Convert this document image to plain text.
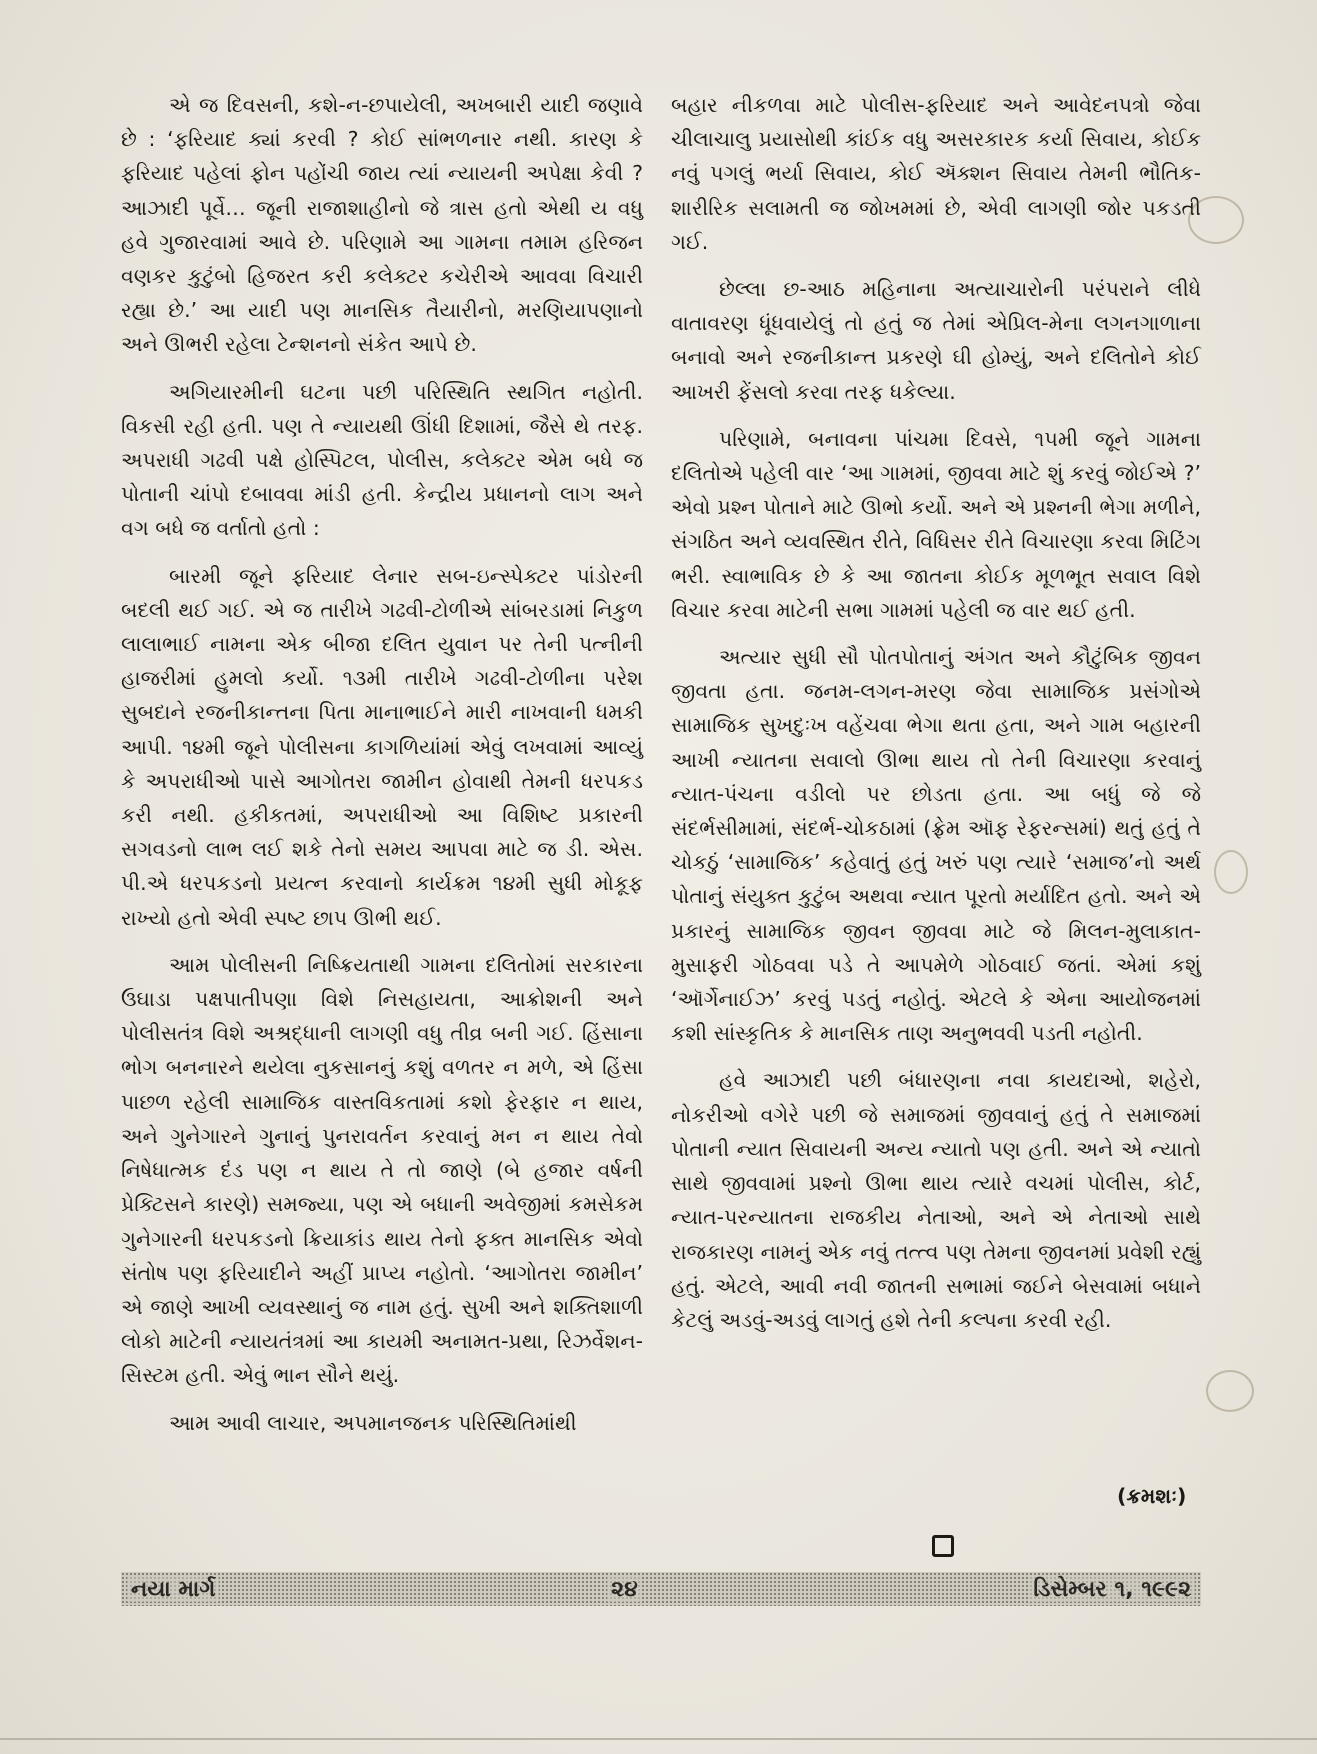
એ જ દિવસની, કશે-ન-છપાયેલી, અખબારી યાદી જણાવે છે : ‘ફરિયાદ ક્યાં કરવી ? કોઈ સાંભળનાર નથી. કારણ કે ફરિયાદ પહેલાં ફોન પહોંચી જાય ત્યાં ન્યાયની અપેક્ષા કેવી ? આઝાદી પૂર્વે… જૂની રાજાશાહીનો જે ત્રાસ હતો એથી ય વધુ હવે ગુજારવામાં આવે છે. પરિણામે આ ગામના તમામ હરિજન વણકર કુટુંબો હિજરત કરી કલેક્ટર કચેરીએ આવવા વિચારી રહ્યા છે.’ આ યાદી પણ માનસિક તૈયારીનો, મરણિયાપણાનો અને ઊભરી રહેલા ટેન્શનનો સંકેત આપે છે.

અગિયારમીની ઘટના પછી પરિસ્થિતિ સ્થગિત નહોતી. વિકસી રહી હતી. પણ તે ન્યાયથી ઊંધી દિશામાં, જૈસે થે તરફ. અપરાધી ગઢવી પક્ષે હોસ્પિટલ, પોલીસ, કલેક્ટર એમ બધે જ પોતાની ચાંપો દબાવવા માંડી હતી. કેન્દ્રીય પ્રધાનનો લાગ અને વગ બધે જ વર્તાતો હતો :

બારમી જૂને ફરિયાદ લેનાર સબ-ઇન્સ્પેક્ટર પાંડોરની બદલી થઈ ગઈ. એ જ તારીખે ગઢવી-ટોળીએ સાંબરડામાં નિકુળ લાલાભાઈ નામના એક બીજા દલિત યુવાન પર તેની પત્નીની હાજરીમાં હુમલો કર્યો. ૧૩મી તારીખે ગઢવી-ટોળીના પરેશ સુબદાને રજનીકાન્તના પિતા માનાભાઈને મારી નાખવાની ધમકી આપી. ૧૪મી જૂને પોલીસના કાગળિયાંમાં એવું લખવામાં આવ્યું કે અપરાધીઓ પાસે આગોતરા જામીન હોવાથી તેમની ધરપકડ કરી નથી. હકીકતમાં, અપરાધીઓ આ વિશિષ્ટ પ્રકારની સગવડનો લાભ લઈ શકે તેનો સમય આપવા માટે જ ડી. એસ. પી.એ ધરપકડનો પ્રયત્ન કરવાનો કાર્યક્રમ ૧૪મી સુધી મોકૂફ રાખ્યો હતો એવી સ્પષ્ટ છાપ ઊભી થઈ.

આમ પોલીસની નિષ્ક્રિયતાથી ગામના દલિતોમાં સરકારના ઉઘાડા પક્ષપાતીપણા વિશે નિસહાયતા, આક્રોશની અને પોલીસતંત્ર વિશે અશ્રદ્ધાની લાગણી વધુ તીવ્ર બની ગઈ. હિંસાના ભોગ બનનારને થયેલા નુકસાનનું કશું વળતર ન મળે, એ હિંસા પાછળ રહેલી સામાજિક વાસ્તવિકતામાં કશો ફેરફાર ન થાય, અને ગુનેગારને ગુનાનું પુનરાવર્તન કરવાનું મન ન થાય તેવો નિષેધાત્મક દંડ પણ ન થાય તે તો જાણે (બે હજાર વર્ષની પ્રેક્ટિસને કારણે) સમજ્યા, પણ એ બધાની અવેજીમાં કમસેકમ ગુનેગારની ધરપકડનો ક્રિયાકાંડ થાય તેનો ફક્ત માનસિક એવો સંતોષ પણ ફરિયાદીને અહીં પ્રાપ્ય નહોતો. ‘આગોતરા જામીન’ એ જાણે આખી વ્યવસ્થાનું જ નામ હતું. સુખી અને શક્તિશાળી લોકો માટેની ન્યાયતંત્રમાં આ કાયમી અનામત-પ્રથા, રિઝર્વેશન-સિસ્ટમ હતી. એવું ભાન સૌને થયું.

આમ આવી લાચાર, અપમાનજનક પરિસ્થિતિમાંથી

બહાર નીકળવા માટે પોલીસ-ફરિયાદ અને આવેદનપત્રો જેવા ચીલાચાલુ પ્રયાસોથી કાંઈક વધુ અસરકારક કર્યા સિવાય, કોઈક નવું પગલું ભર્યા સિવાય, કોઈ ઍક્શન સિવાય તેમની ભૌતિક-શારીરિક સલામતી જ જોખમમાં છે, એવી લાગણી જોર પકડતી ગઈ.

છેલ્લા છ-આઠ મહિનાના અત્યાચારોની પરંપરાને લીધે વાતાવરણ ધૂંધવાયેલું તો હતું જ તેમાં એપ્રિલ-મેના લગનગાળાના બનાવો અને રજનીકાન્ત પ્રકરણે ઘી હોમ્યું, અને દલિતોને કોઈ આખરી ફેંસલો કરવા તરફ ધકેલ્યા.

પરિણામે, બનાવના પાંચમા દિવસે, ૧૫મી જૂને ગામના દલિતોએ પહેલી વાર ‘આ ગામમાં, જીવવા માટે શું કરવું જોઈએ ?’ એવો પ્રશ્ન પોતાને માટે ઊભો કર્યો. અને એ પ્રશ્નની ભેગા મળીને, સંગઠિત અને વ્યવસ્થિત રીતે, વિધિસર રીતે વિચારણા કરવા મિટિંગ ભરી. સ્વાભાવિક છે કે આ જાતના કોઈક મૂળભૂત સવાલ વિશે વિચાર કરવા માટેની સભા ગામમાં પહેલી જ વાર થઈ હતી.

અત્યાર સુધી સૌ પોતપોતાનું અંગત અને કૌટુંબિક જીવન જીવતા હતા. જનમ-લગન-મરણ જેવા સામાજિક પ્રસંગોએ સામાજિક સુખદુઃખ વહેંચવા ભેગા થતા હતા, અને ગામ બહારની આખી ન્યાતના સવાલો ઊભા થાય તો તેની વિચારણા કરવાનું ન્યાત-પંચના વડીલો પર છોડતા હતા. આ બધું જે જે સંદર્ભસીમામાં, સંદર્ભ-ચોકઠામાં (ફ્રેમ ઑફ રેફરન્સમાં) થતું હતું તે ચોકઠું ‘સામાજિક’ કહેવાતું હતું ખરું પણ ત્યારે ‘સમાજ’નો અર્થ પોતાનું સંયુક્ત કુટુંબ અથવા ન્યાત પૂરતો મર્યાદિત હતો. અને એ પ્રકારનું સામાજિક જીવન જીવવા માટે જે મિલન-મુલાકાત-મુસાફરી ગોઠવવા પડે તે આપમેળે ગોઠવાઈ જતાં. એમાં કશું ‘ઑર્ગેનાઈઝ’ કરવું પડતું નહોતું. એટલે કે એના આયોજનમાં કશી સાંસ્કૃતિક કે માનસિક તાણ અનુભવવી પડતી નહોતી.

હવે આઝાદી પછી બંધારણના નવા કાયદાઓ, શહેરો, નોકરીઓ વગેરે પછી જે સમાજમાં જીવવાનું હતું તે સમાજમાં પોતાની ન્યાત સિવાયની અન્ય ન્યાતો પણ હતી. અને એ ન્યાતો સાથે જીવવામાં પ્રશ્નો ઊભા થાય ત્યારે વચમાં પોલીસ, કોર્ટ, ન્યાત-પરન્યાતના રાજકીય નેતાઓ, અને એ નેતાઓ સાથે રાજકારણ નામનું એક નવું તત્ત્વ પણ તેમના જીવનમાં પ્રવેશી રહ્યું હતું. એટલે, આવી નવી જાતની સભામાં જઈને બેસવામાં બધાને કેટલું અડવું-અડવું લાગતું હશે તેની કલ્પના કરવી રહી.

(ક્રમશઃ)
નયા માર્ગ	૨૪	ડિસેમ્બર ૧, ૧૯૯૨
